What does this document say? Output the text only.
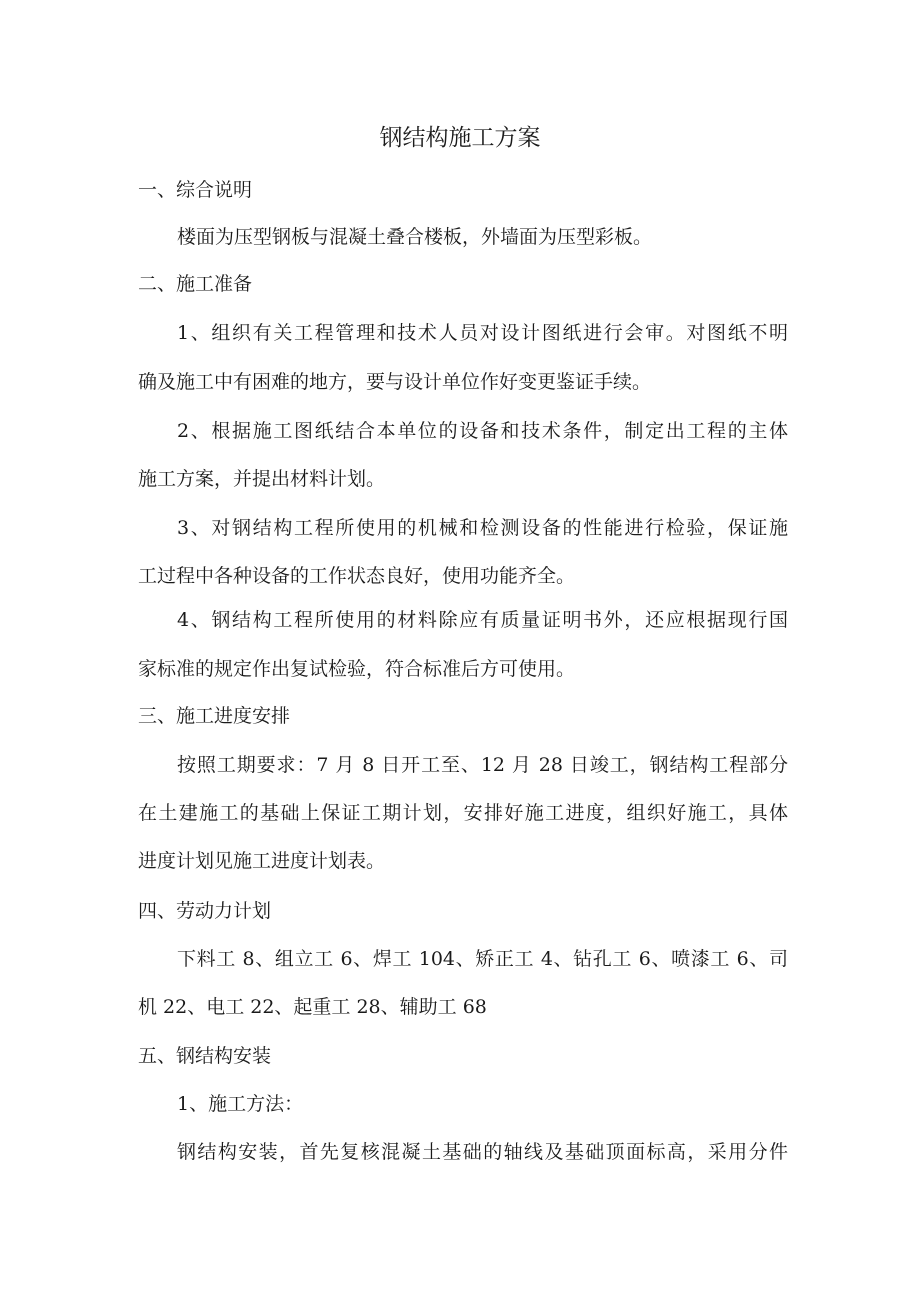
钢结构施工方案
一、综合说明
楼面为压型钢板与混凝土叠合楼板，外墙面为压型彩板。
二、施工准备
1、组织有关工程管理和技术人员对设计图纸进行会审。对图纸不明
确及施工中有困难的地方，要与设计单位作好变更鉴证手续。
2、根据施工图纸结合本单位的设备和技术条件，制定出工程的主体
施工方案，并提出材料计划。
3、对钢结构工程所使用的机械和检测设备的性能进行检验，保证施
工过程中各种设备的工作状态良好，使用功能齐全。
4、钢结构工程所使用的材料除应有质量证明书外，还应根据现行国
家标准的规定作出复试检验，符合标准后方可使用。
三、施工进度安排
按照工期要求：7 月 8 日开工至、12 月 28 日竣工，钢结构工程部分
在土建施工的基础上保证工期计划，安排好施工进度，组织好施工，具体
进度计划见施工进度计划表。
四、劳动力计划
下料工 8、组立工 6、焊工 104、矫正工 4、钻孔工 6、喷漆工 6、司
机 22、电工 22、起重工 28、辅助工 68
五、钢结构安装
1、施工方法：
钢结构安装，首先复核混凝土基础的轴线及基础顶面标高，采用分件
